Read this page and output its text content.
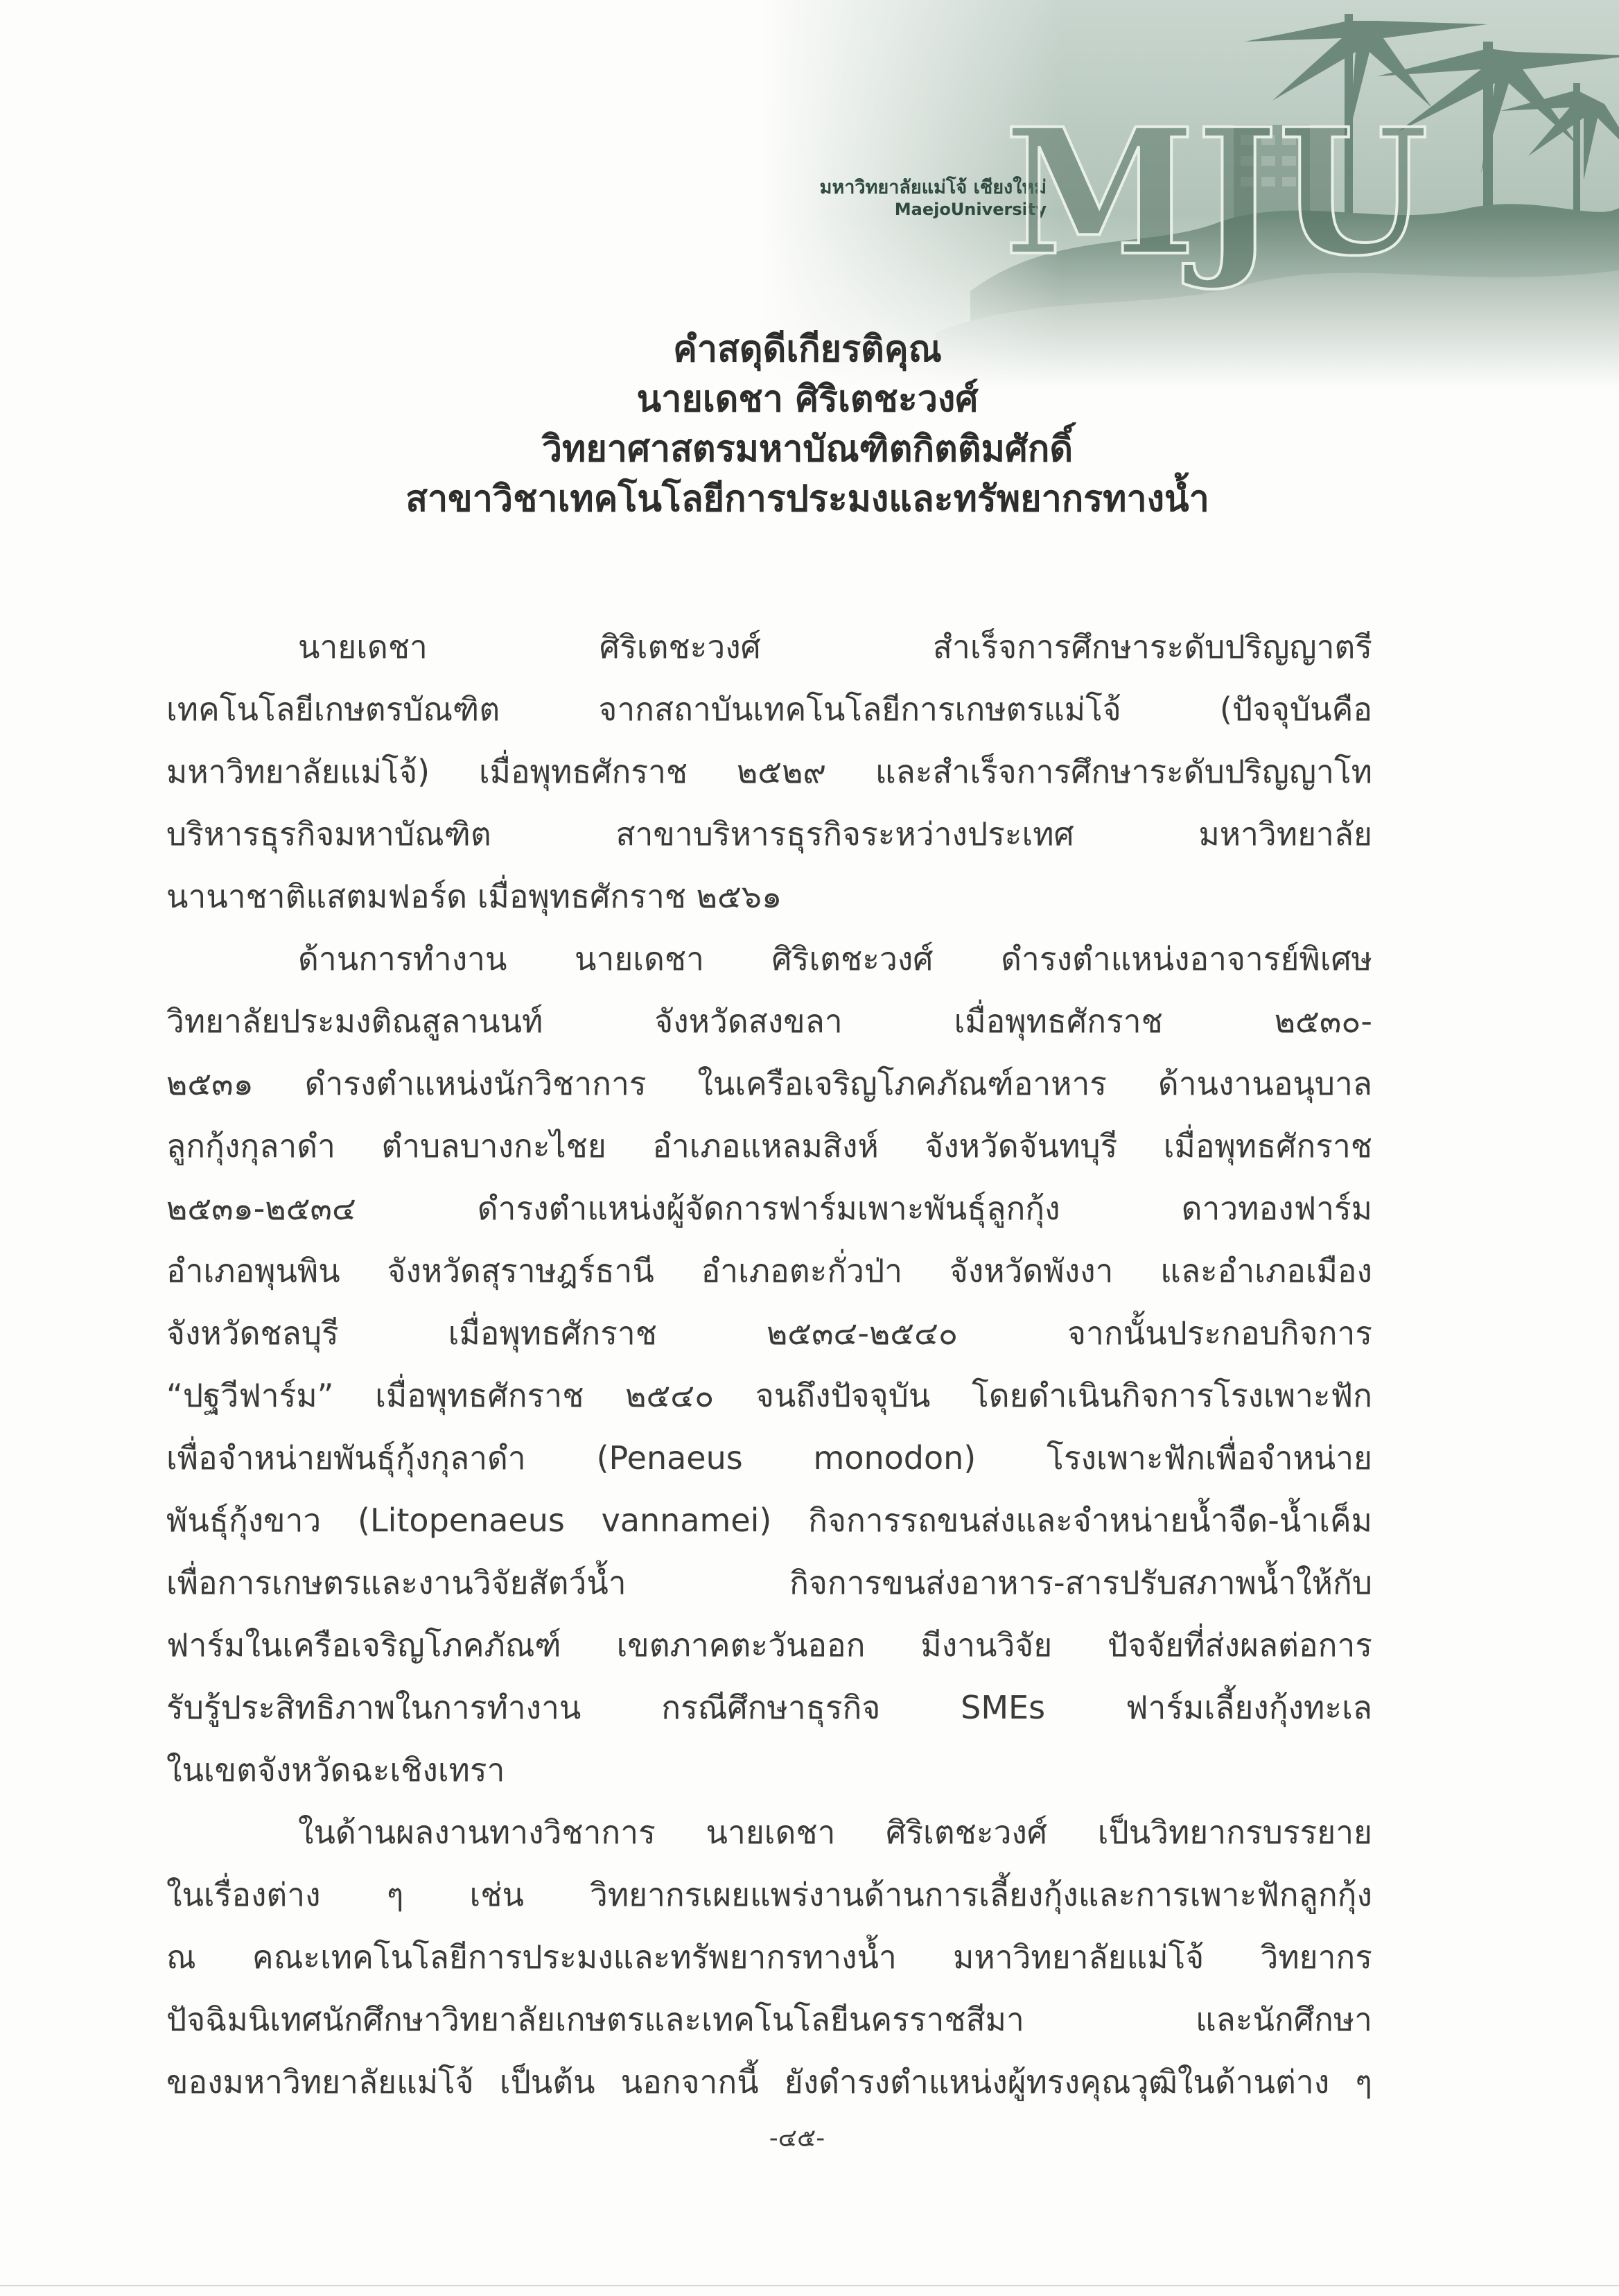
มหาวิทยาลัยแม่โจ้ เชียงใหม่
MaejoUniversity
MJU
คำสดุดีเกียรติคุณ
นายเดชา ศิริเตชะวงศ์
วิทยาศาสตรมหาบัณฑิตกิตติมศักดิ์
สาขาวิชาเทคโนโลยีการประมงและทรัพยากรทางน้ำ
นายเดชา ศิริเตชะวงศ์ สำเร็จการศึกษาระดับปริญญาตรี
เทคโนโลยีเกษตรบัณฑิต จากสถาบันเทคโนโลยีการเกษตรแม่โจ้ (ปัจจุบันคือ
มหาวิทยาลัยแม่โจ้) เมื่อพุทธศักราช ๒๕๒๙ และสำเร็จการศึกษาระดับปริญญาโท
บริหารธุรกิจมหาบัณฑิต สาขาบริหารธุรกิจระหว่างประเทศ มหาวิทยาลัย
นานาชาติแสตมฟอร์ด เมื่อพุทธศักราช ๒๕๖๑
ด้านการทำงาน นายเดชา ศิริเตชะวงศ์ ดำรงตำแหน่งอาจารย์พิเศษ
วิทยาลัยประมงติณสูลานนท์ จังหวัดสงขลา เมื่อพุทธศักราช ๒๕๓๐-
๒๕๓๑ ดำรงตำแหน่งนักวิชาการ ในเครือเจริญโภคภัณฑ์อาหาร ด้านงานอนุบาล
ลูกกุ้งกุลาดำ ตำบลบางกะไชย อำเภอแหลมสิงห์ จังหวัดจันทบุรี เมื่อพุทธศักราช
๒๕๓๑-๒๕๓๔ ดำรงตำแหน่งผู้จัดการฟาร์มเพาะพันธุ์ลูกกุ้ง ดาวทองฟาร์ม
อำเภอพุนพิน จังหวัดสุราษฎร์ธานี อำเภอตะกั่วป่า จังหวัดพังงา และอำเภอเมือง
จังหวัดชลบุรี เมื่อพุทธศักราช ๒๕๓๔-๒๕๔๐ จากนั้นประกอบกิจการ
“ปฐวีฟาร์ม” เมื่อพุทธศักราช ๒๕๔๐ จนถึงปัจจุบัน โดยดำเนินกิจการโรงเพาะฟัก
เพื่อจำหน่ายพันธุ์กุ้งกุลาดำ (Penaeus monodon) โรงเพาะฟักเพื่อจำหน่าย
พันธุ์กุ้งขาว (Litopenaeus vannamei) กิจการรถขนส่งและจำหน่ายน้ำจืด-น้ำเค็ม
เพื่อการเกษตรและงานวิจัยสัตว์น้ำ กิจการขนส่งอาหาร-สารปรับสภาพน้ำให้กับ
ฟาร์มในเครือเจริญโภคภัณฑ์ เขตภาคตะวันออก มีงานวิจัย ปัจจัยที่ส่งผลต่อการ
รับรู้ประสิทธิภาพในการทำงาน กรณีศึกษาธุรกิจ SMEs ฟาร์มเลี้ยงกุ้งทะเล
ในเขตจังหวัดฉะเชิงเทรา
ในด้านผลงานทางวิชาการ นายเดชา ศิริเตชะวงศ์ เป็นวิทยากรบรรยาย
ในเรื่องต่าง ๆ เช่น วิทยากรเผยแพร่งานด้านการเลี้ยงกุ้งและการเพาะฟักลูกกุ้ง
ณ คณะเทคโนโลยีการประมงและทรัพยากรทางน้ำ มหาวิทยาลัยแม่โจ้ วิทยากร
ปัจฉิมนิเทศนักศึกษาวิทยาลัยเกษตรและเทคโนโลยีนครราชสีมา และนักศึกษา
ของมหาวิทยาลัยแม่โจ้ เป็นต้น นอกจากนี้ ยังดำรงตำแหน่งผู้ทรงคุณวุฒิในด้านต่าง ๆ
-๔๕-
